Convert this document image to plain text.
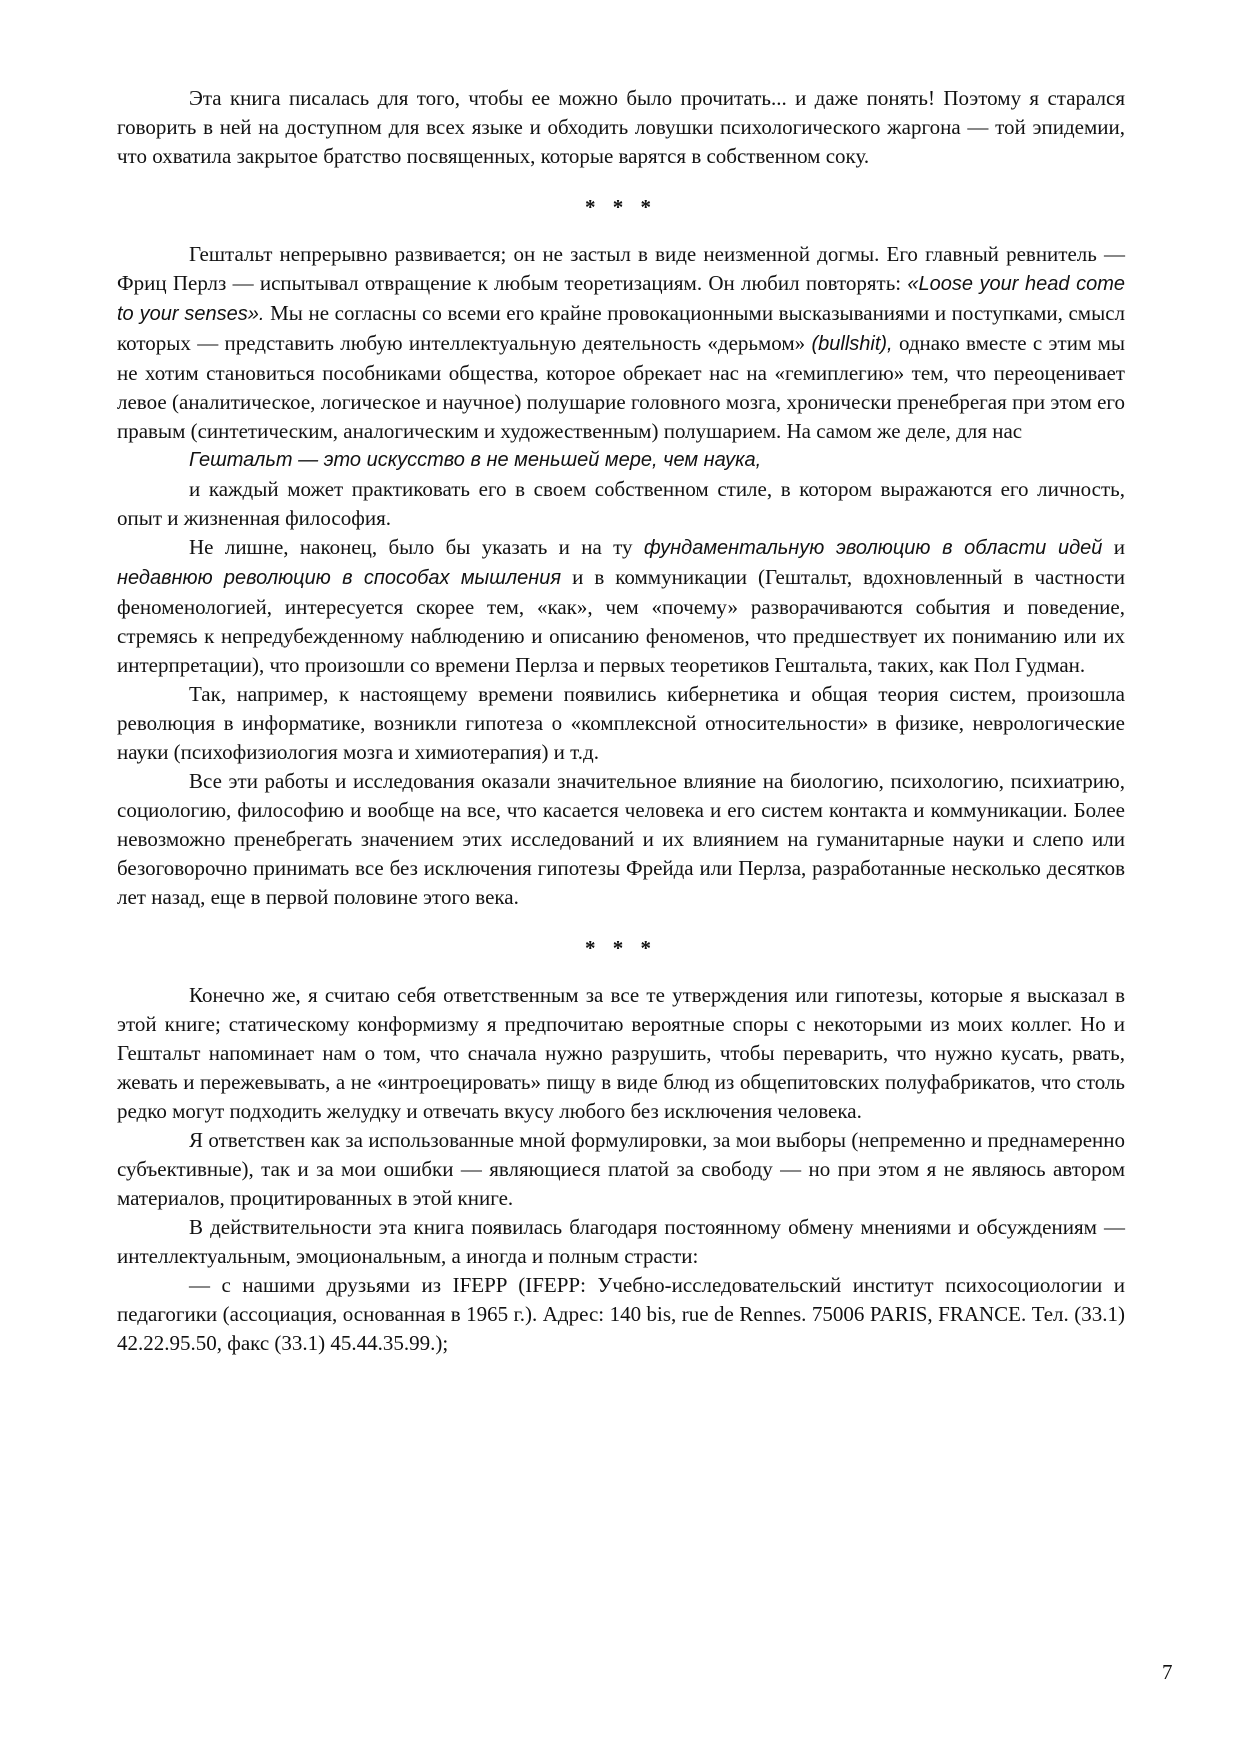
Эта книга писалась для того, чтобы ее можно было прочитать... и даже понять! Поэтому я старался говорить в ней на доступном для всех языке и обходить ловушки психологического жаргона — той эпидемии, что охватила закрытое братство посвященных, которые варятся в собственном соку.

* * *

Гештальт непрерывно развивается; он не застыл в виде неизменной догмы. Его главный ревнитель — Фриц Перлз — испытывал отвращение к любым теоретизациям. Он любил повторять: «Loose your head come to your senses». Мы не согласны со всеми его крайне провокационными высказываниями и поступками, смысл которых — представить любую интеллектуальную деятельность «дерьмом» (bullshit), однако вместе с этим мы не хотим становиться пособниками общества, которое обрекает нас на «гемиплегию» тем, что переоценивает левое (аналитическое, логическое и научное) полушарие головного мозга, хронически пренебрегая при этом его правым (синтетическим, аналогическим и художественным) полушарием. На самом же деле, для нас

Гештальт — это искусство в не меньшей мере, чем наука,

и каждый может практиковать его в своем собственном стиле, в котором выражаются его личность, опыт и жизненная философия.

Не лишне, наконец, было бы указать и на ту фундаментальную эволюцию в области идей и недавнюю революцию в способах мышления и в коммуникации (Гештальт, вдохновленный в частности феноменологией, интересуется скорее тем, «как», чем «почему» разворачиваются события и поведение, стремясь к непредубежденному наблюдению и описанию феноменов, что предшествует их пониманию или их интерпретации), что произошли со времени Перлза и первых теоретиков Гештальта, таких, как Пол Гудман.

Так, например, к настоящему времени появились кибернетика и общая теория систем, произошла революция в информатике, возникли гипотеза о «комплексной относительности» в физике, неврологические науки (психофизиология мозга и химиотерапия) и т.д.

Все эти работы и исследования оказали значительное влияние на биологию, психологию, психиатрию, социологию, философию и вообще на все, что касается человека и его систем контакта и коммуникации. Более невозможно пренебрегать значением этих исследований и их влиянием на гуманитарные науки и слепо или безоговорочно принимать все без исключения гипотезы Фрейда или Перлза, разработанные несколько десятков лет назад, еще в первой половине этого века.

* * *

Конечно же, я считаю себя ответственным за все те утверждения или гипотезы, которые я высказал в этой книге; статическому конформизму я предпочитаю вероятные споры с некоторыми из моих коллег. Но и Гештальт напоминает нам о том, что сначала нужно разрушить, чтобы переварить, что нужно кусать, рвать, жевать и пережевывать, а не «интроецировать» пищу в виде блюд из общепитовских полуфабрикатов, что столь редко могут подходить желудку и отвечать вкусу любого без исключения человека.

Я ответствен как за использованные мной формулировки, за мои выборы (непременно и преднамеренно субъективные), так и за мои ошибки — являющиеся платой за свободу — но при этом я не являюсь автором материалов, процитированных в этой книге.

В действительности эта книга появилась благодаря постоянному обмену мнениями и обсуждениям — интеллектуальным, эмоциональным, а иногда и полным страсти:

— с нашими друзьями из IFEPP (IFEPP: Учебно-исследовательский институт психосоциологии и педагогики (ассоциация, основанная в 1965 г.). Адрес: 140 bis, rue de Rennes. 75006 PARIS, FRANCE. Тел. (33.1) 42.22.95.50, факс (33.1) 45.44.35.99.);

7
